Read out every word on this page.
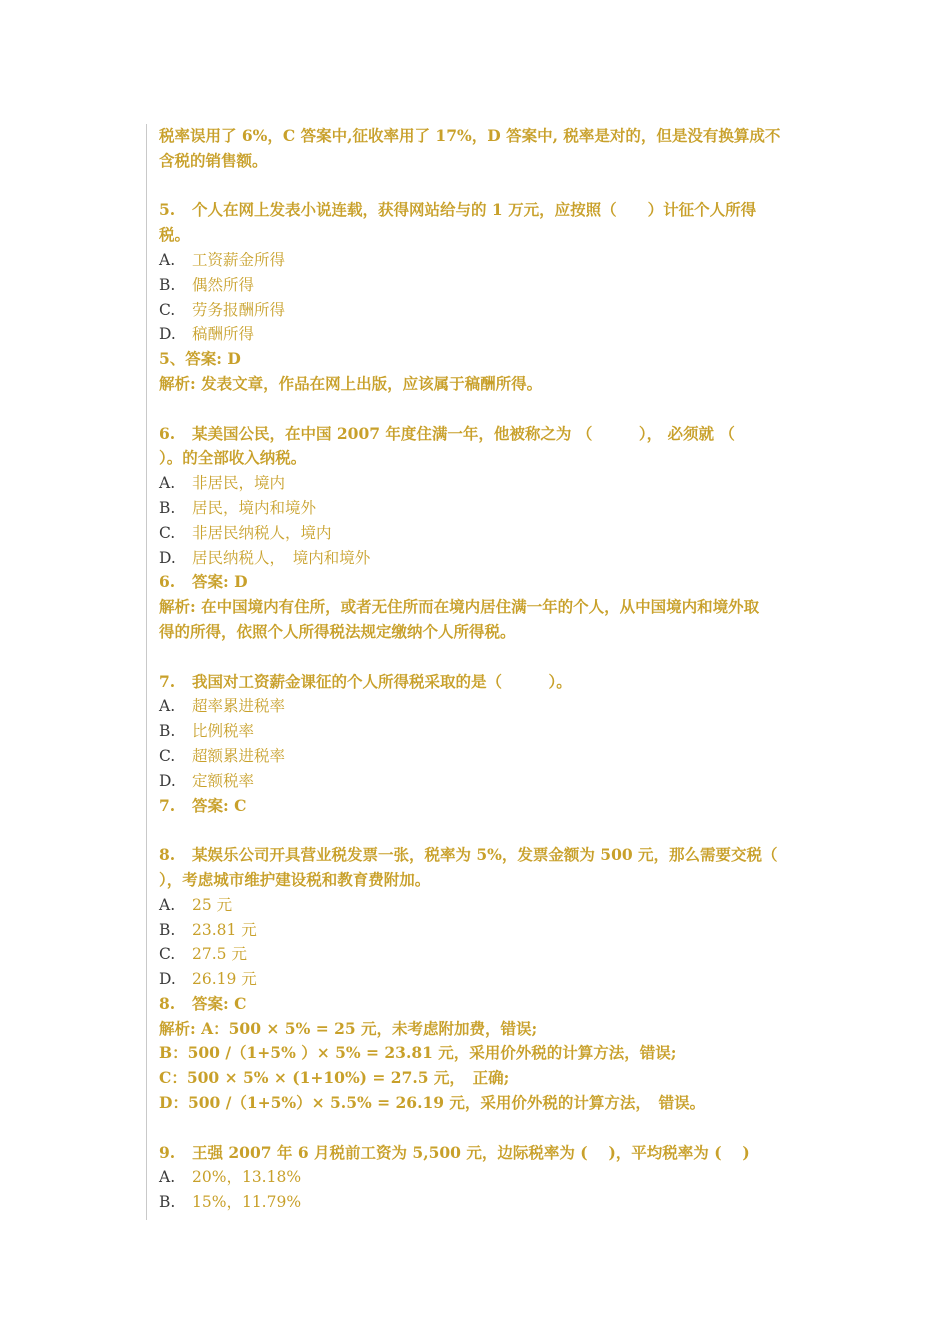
税率误用了 6%，C 答案中,征收率用了 17%，D 答案中, 税率是对的，但是没有换算成不
含税的销售额。
5. 个人在网上发表小说连载，获得网站给与的 1 万元，应按照（　　）计征个人所得
税。
A. 工资薪金所得
B. 偶然所得
C. 劳务报酬所得
D. 稿酬所得
5、答案: D
解析: 发表文章，作品在网上出版，应该属于稿酬所得。
6. 某美国公民，在中国 2007 年度住满一年，他被称之为 （　　　）， 必须就 （
）。的全部收入纳税。
A. 非居民，境内
B. 居民，境内和境外
C. 非居民纳税人，境内
D. 居民纳税人，　境内和境外
6. 答案: D
解析: 在中国境内有住所，或者无住所而在境内居住满一年的个人，从中国境内和境外取
得的所得，依照个人所得税法规定缴纳个人所得税。
7. 我国对工资薪金课征的个人所得税采取的是（　　　）。
A. 超率累进税率
B. 比例税率
C. 超额累进税率
D. 定额税率
7. 答案: C
8. 某娱乐公司开具营业税发票一张，税率为 5%，发票金额为 500 元，那么需要交税（
），考虑城市维护建设税和教育费附加。
A. 25 元
B. 23.81 元
C. 27.5 元
D. 26.19 元
8. 答案: C
解析: A：500 × 5% = 25 元，未考虑附加费，错误;
B：500 /（1+5% ）× 5% = 23.81 元，采用价外税的计算方法，错误;
C：500 × 5% × (1+10%) = 27.5 元，　正确;
D：500 /（1+5%）× 5.5% = 26.19 元，采用价外税的计算方法，　错误。
9. 王强 2007 年 6 月税前工资为 5,500 元，边际税率为 (　 )，平均税率为 (　 )
A. 20%，13.18%
B. 15%，11.79%
